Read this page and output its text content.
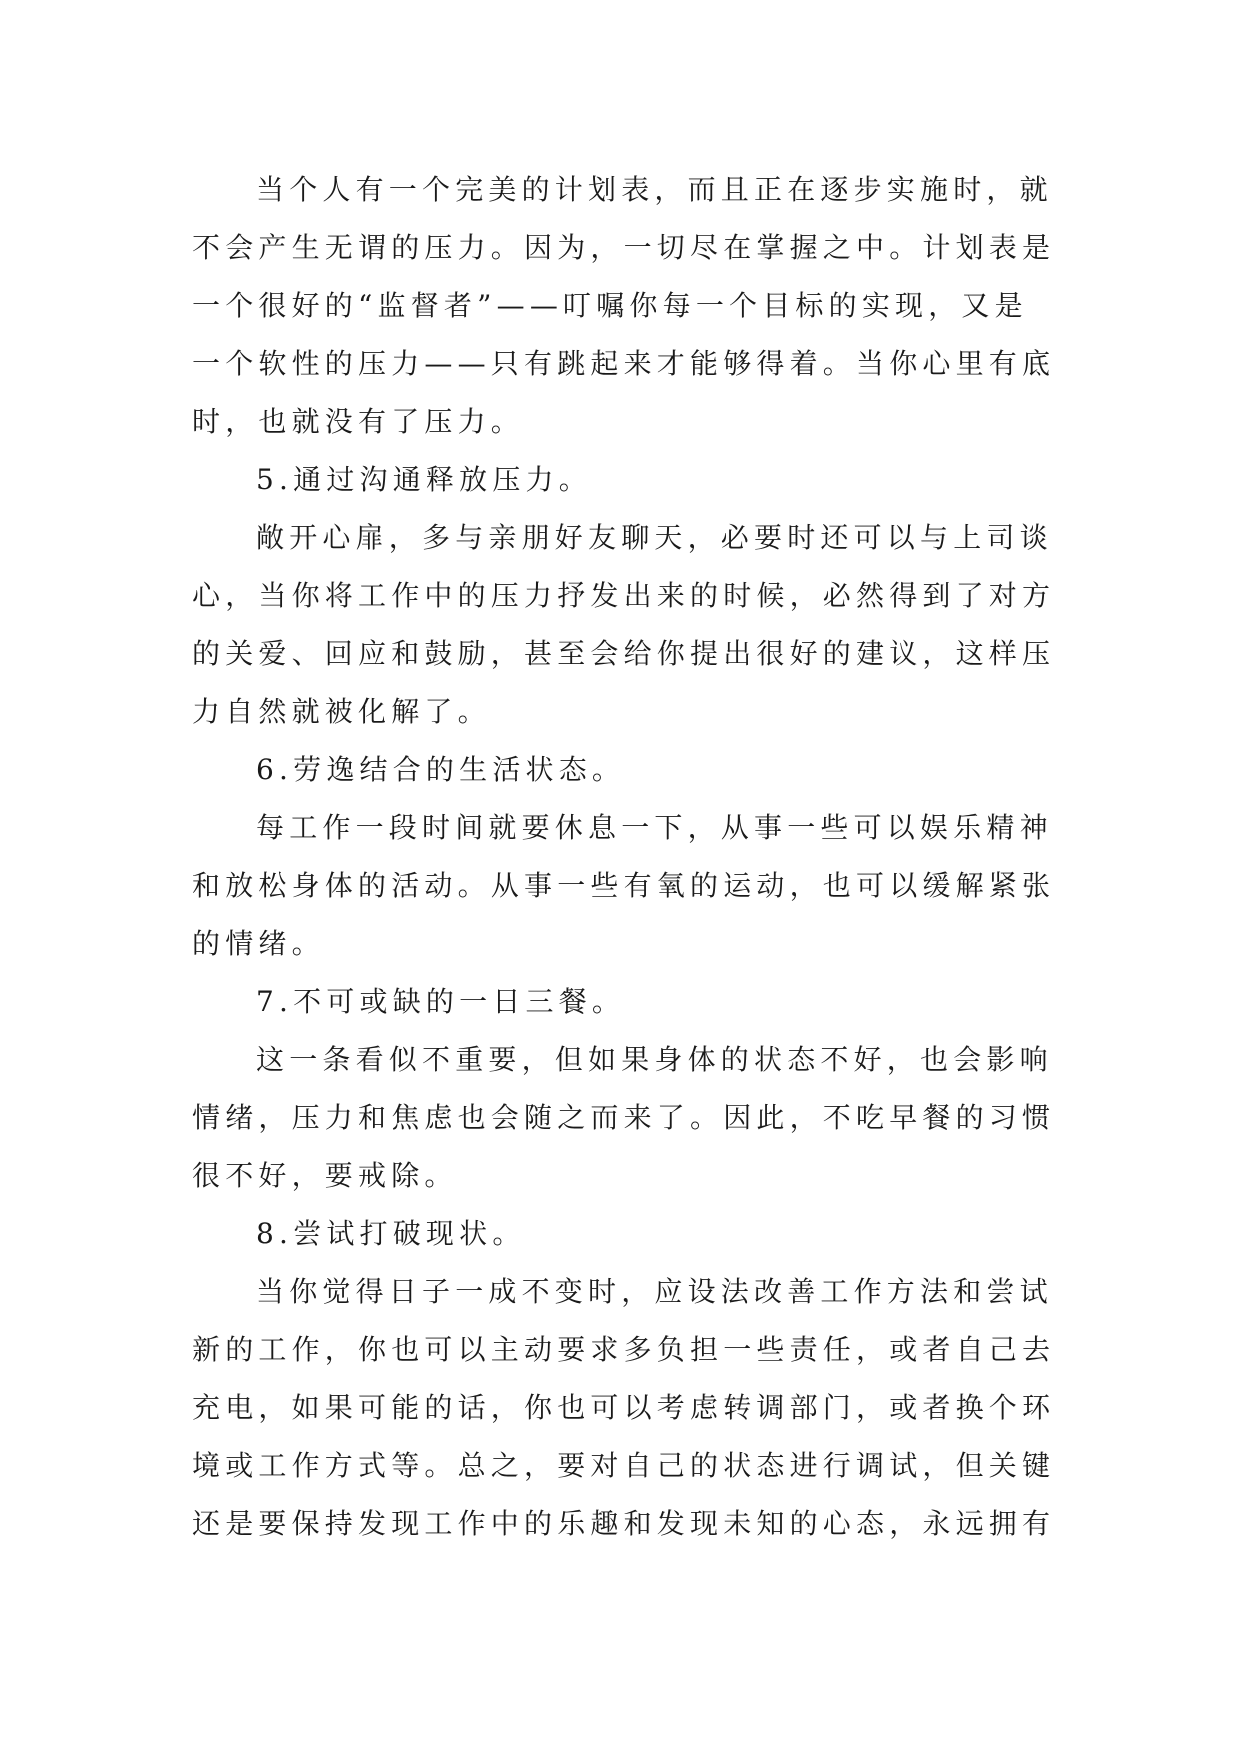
当个人有一个完美的计划表，而且正在逐步实施时，就
不会产生无谓的压力。因为，一切尽在掌握之中。计划表是
一个很好的“监督者”——叮嘱你每一个目标的实现，又是
一个软性的压力——只有跳起来才能够得着。当你心里有底
时，也就没有了压力。
5.通过沟通释放压力。
敞开心扉，多与亲朋好友聊天，必要时还可以与上司谈
心，当你将工作中的压力抒发出来的时候，必然得到了对方
的关爱、回应和鼓励，甚至会给你提出很好的建议，这样压
力自然就被化解了。
6.劳逸结合的生活状态。
每工作一段时间就要休息一下，从事一些可以娱乐精神
和放松身体的活动。从事一些有氧的运动，也可以缓解紧张
的情绪。
7.不可或缺的一日三餐。
这一条看似不重要，但如果身体的状态不好，也会影响
情绪，压力和焦虑也会随之而来了。因此，不吃早餐的习惯
很不好，要戒除。
8.尝试打破现状。
当你觉得日子一成不变时，应设法改善工作方法和尝试
新的工作，你也可以主动要求多负担一些责任，或者自己去
充电，如果可能的话，你也可以考虑转调部门，或者换个环
境或工作方式等。总之，要对自己的状态进行调试，但关键
还是要保持发现工作中的乐趣和发现未知的心态，永远拥有
